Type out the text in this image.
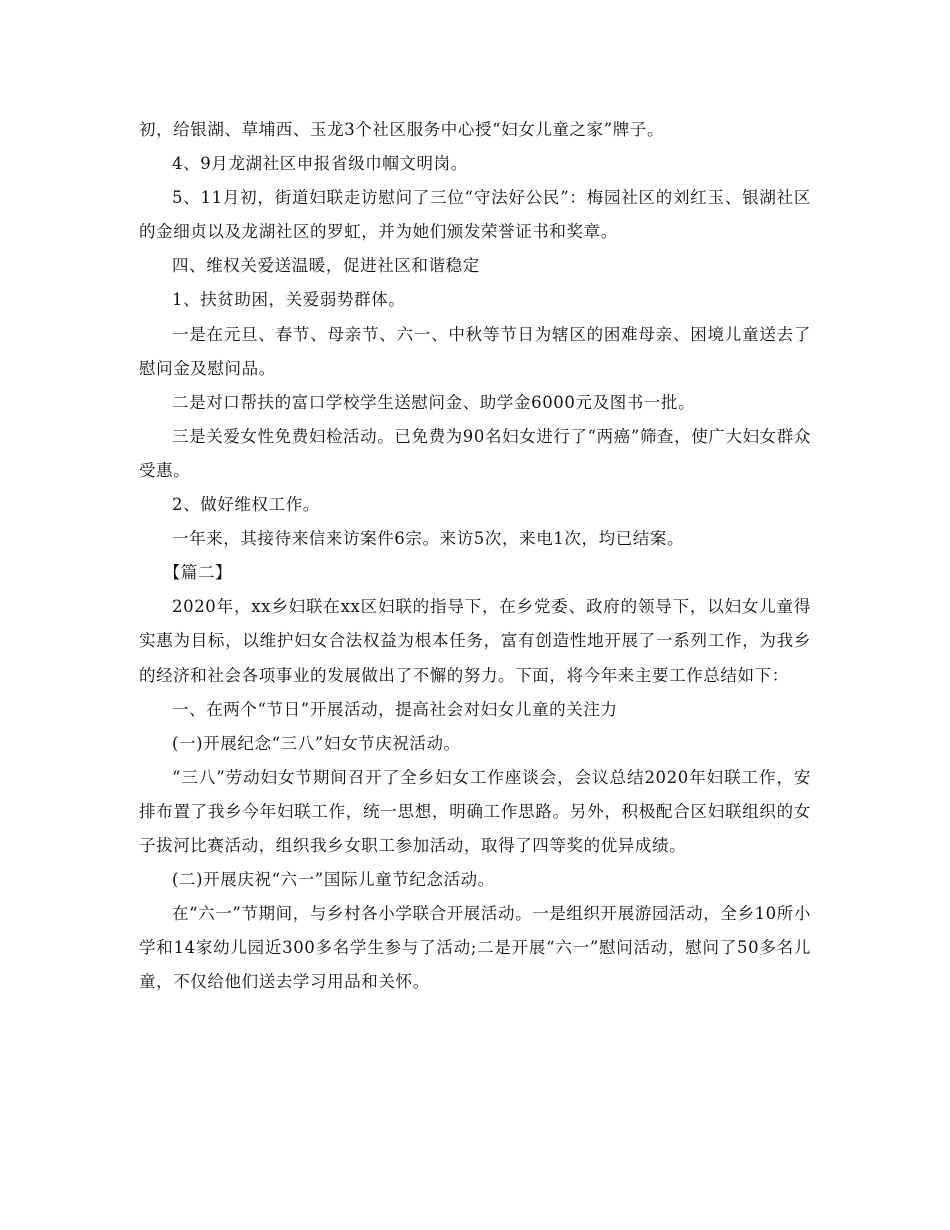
初，给银湖、草埔西、玉龙3个社区服务中心授“妇女儿童之家”牌子。

4、9月龙湖社区申报省级巾帼文明岗。

5、11月初，街道妇联走访慰问了三位“守法好公民”：梅园社区的刘红玉、银湖社区的金细贞以及龙湖社区的罗虹，并为她们颁发荣誉证书和奖章。

四、维权关爱送温暖，促进社区和谐稳定

1、扶贫助困，关爱弱势群体。

一是在元旦、春节、母亲节、六一、中秋等节日为辖区的困难母亲、困境儿童送去了慰问金及慰问品。

二是对口帮扶的富口学校学生送慰问金、助学金6000元及图书一批。

三是关爱女性免费妇检活动。已免费为90名妇女进行了“两癌”筛查，使广大妇女群众受惠。

2、做好维权工作。

一年来，其接待来信来访案件6宗。来访5次，来电1次，均已结案。

【篇二】

2020年，xx乡妇联在xx区妇联的指导下，在乡党委、政府的领导下，以妇女儿童得实惠为目标，以维护妇女合法权益为根本任务，富有创造性地开展了一系列工作，为我乡的经济和社会各项事业的发展做出了不懈的努力。下面，将今年来主要工作总结如下：

一、在两个“节日”开展活动，提高社会对妇女儿童的关注力

(一)开展纪念“三八”妇女节庆祝活动。

“三八”劳动妇女节期间召开了全乡妇女工作座谈会，会议总结2020年妇联工作，安排布置了我乡今年妇联工作，统一思想，明确工作思路。另外，积极配合区妇联组织的女子拔河比赛活动，组织我乡女职工参加活动，取得了四等奖的优异成绩。

(二)开展庆祝“六一”国际儿童节纪念活动。

在“六一”节期间，与乡村各小学联合开展活动。一是组织开展游园活动，全乡10所小学和14家幼儿园近300多名学生参与了活动;二是开展“六一”慰问活动，慰问了50多名儿童，不仅给他们送去学习用品和关怀。
